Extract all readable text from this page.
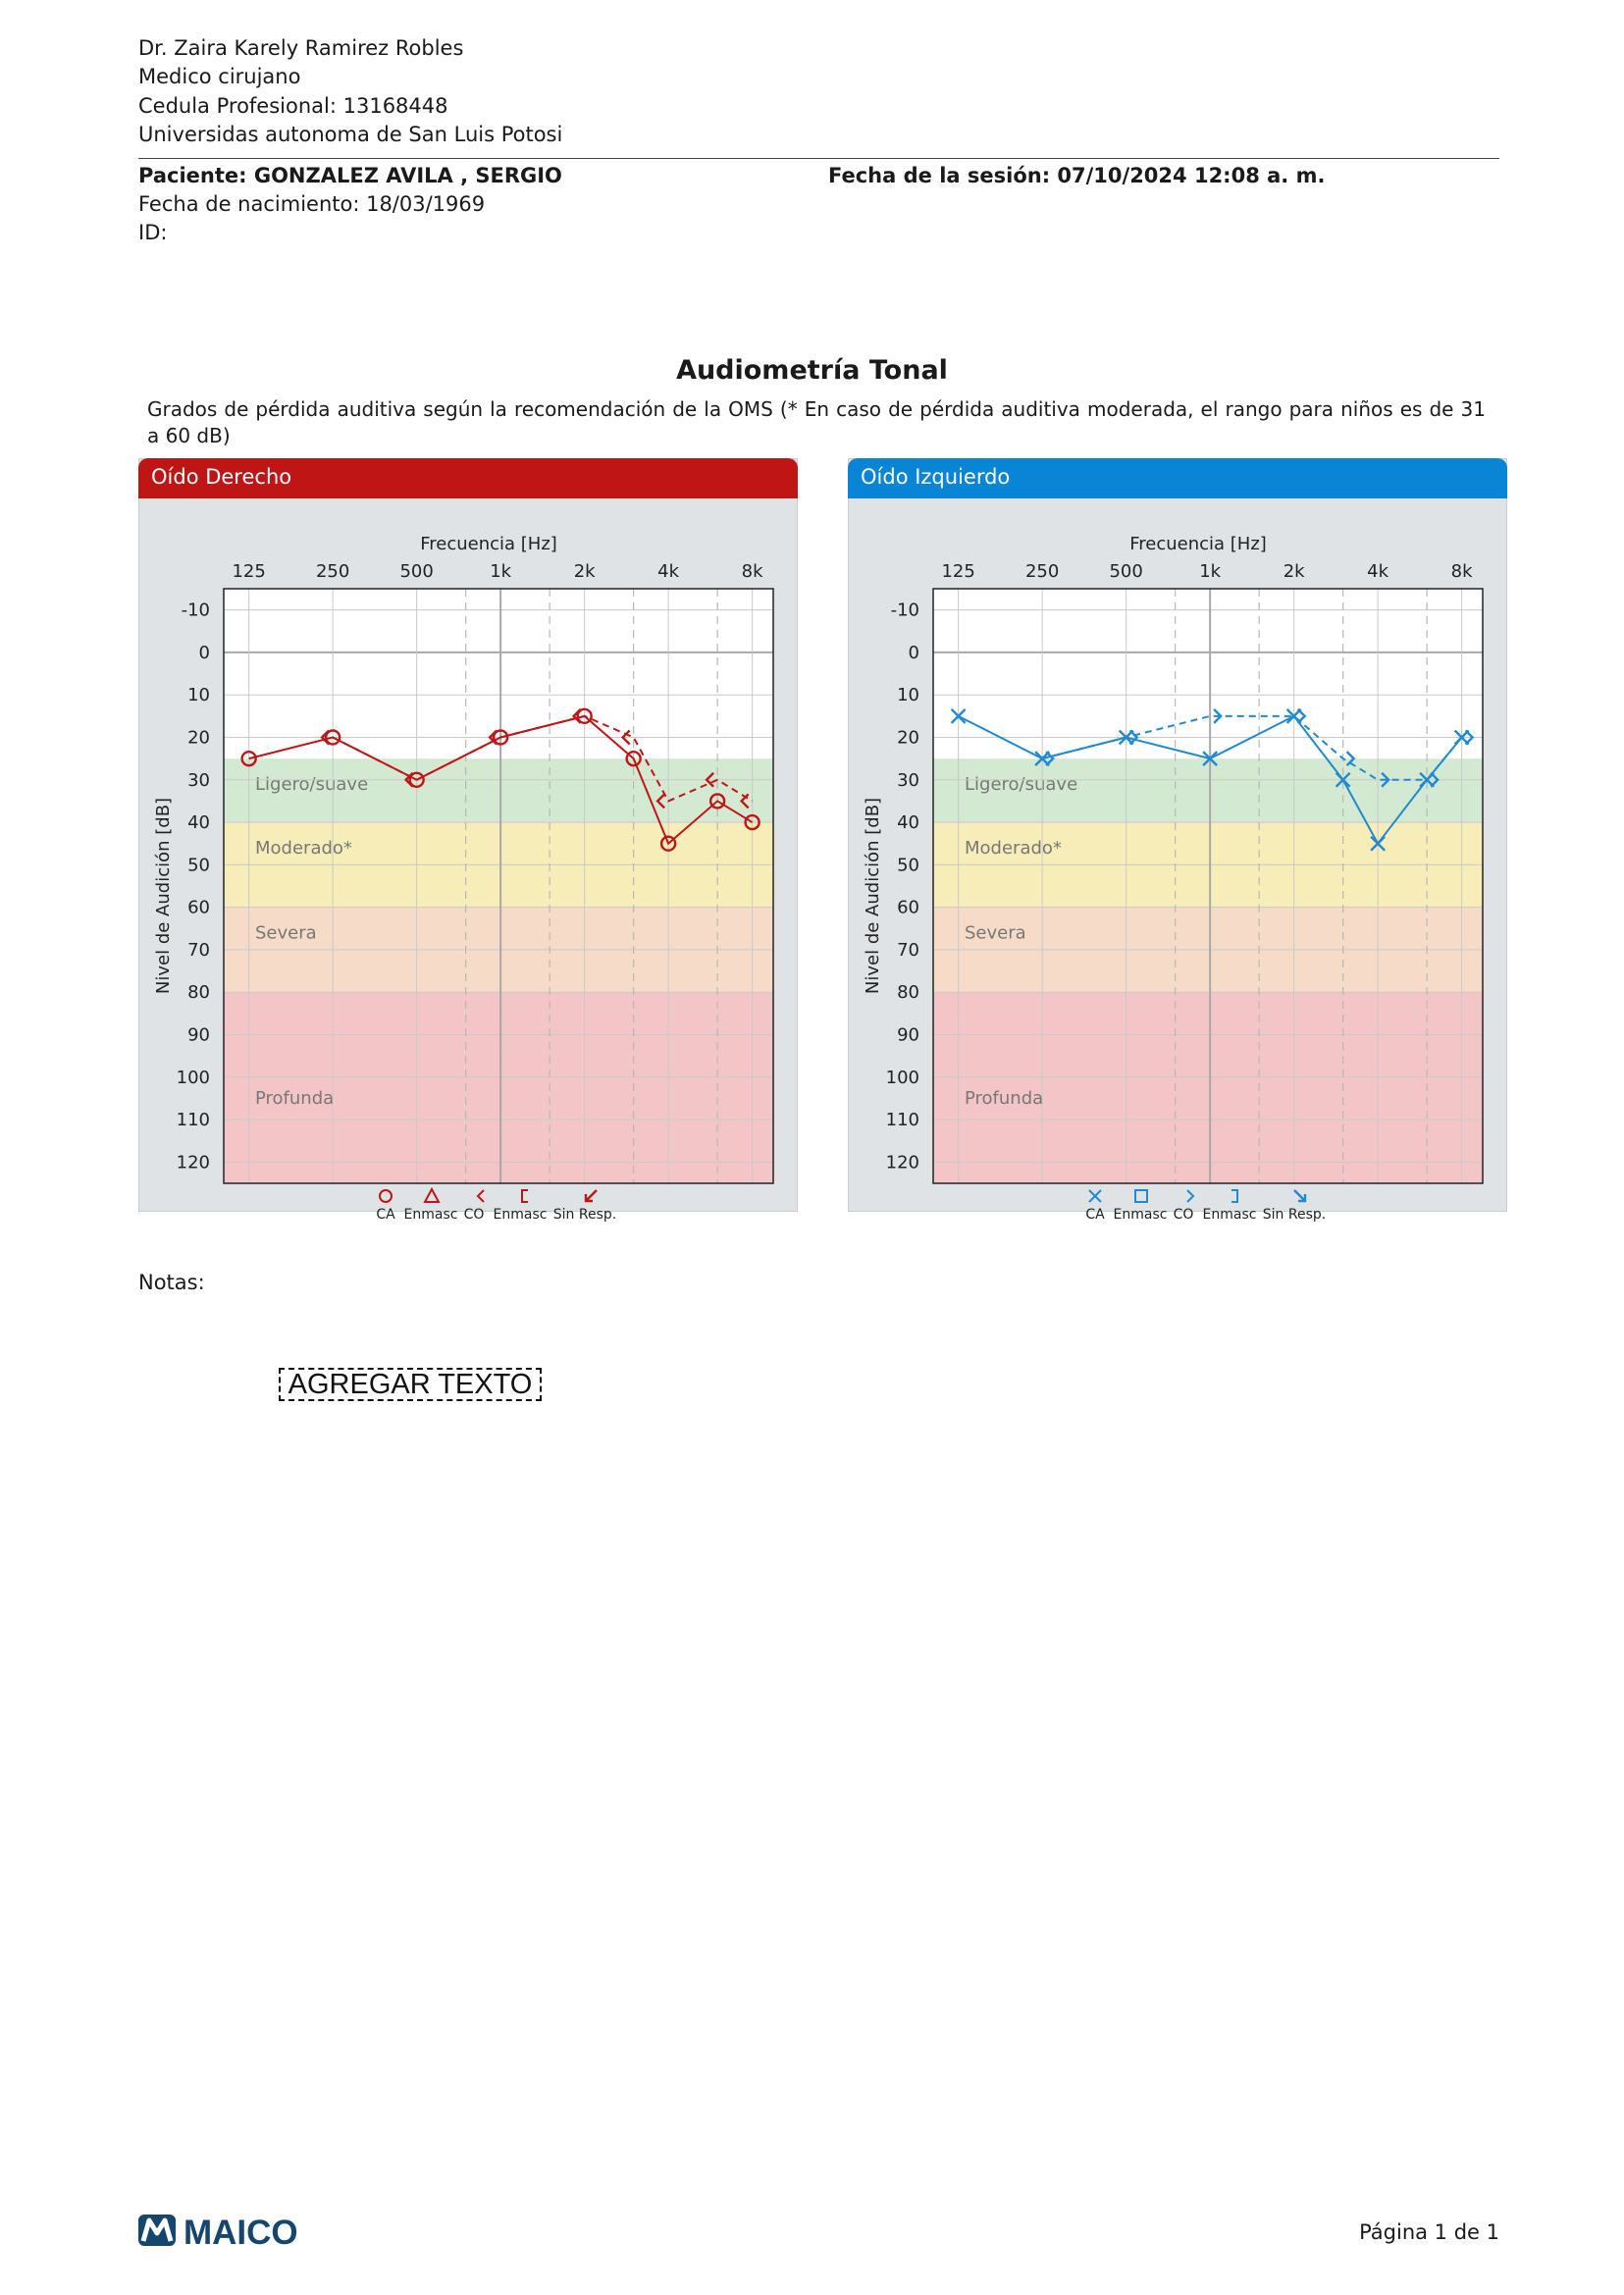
Dr. Zaira Karely Ramirez Robles
Medico cirujano
Cedula Profesional: 13168448
Universidas autonoma de San Luis Potosi
Paciente: GONZALEZ AVILA , SERGIO	Fecha de la sesión: 07/10/2024 12:08 a. m.
Fecha de nacimiento: 18/03/1969
ID:
Audiometría Tonal
Grados de pérdida auditiva según la recomendación de la OMS (* En caso de pérdida auditiva moderada, el rango para niños es de 31 a 60 dB)
Oído Derecho
Ligero/suave
Moderado*
Severa
Profunda
-10
0
10
20
30
40
50
60
70
80
90
100
110
120
125	250	500	1k	2k	4k	8k
Frecuencia [Hz]
Nivel de Audición [dB]
CA Enmasc CO Enmasc Sin Resp.
Oído Izquierdo
Ligero/suave
Moderado*
Severa
Profunda
-10
0
10
20
30
40
50
60
70
80
90
100
110
120
125	250	500	1k	2k	4k	8k
Frecuencia [Hz]
Nivel de Audición [dB]
CA Enmasc CO Enmasc Sin Resp.
Notas:
AGREGAR TEXTO
MAICO	Página 1 de 1
